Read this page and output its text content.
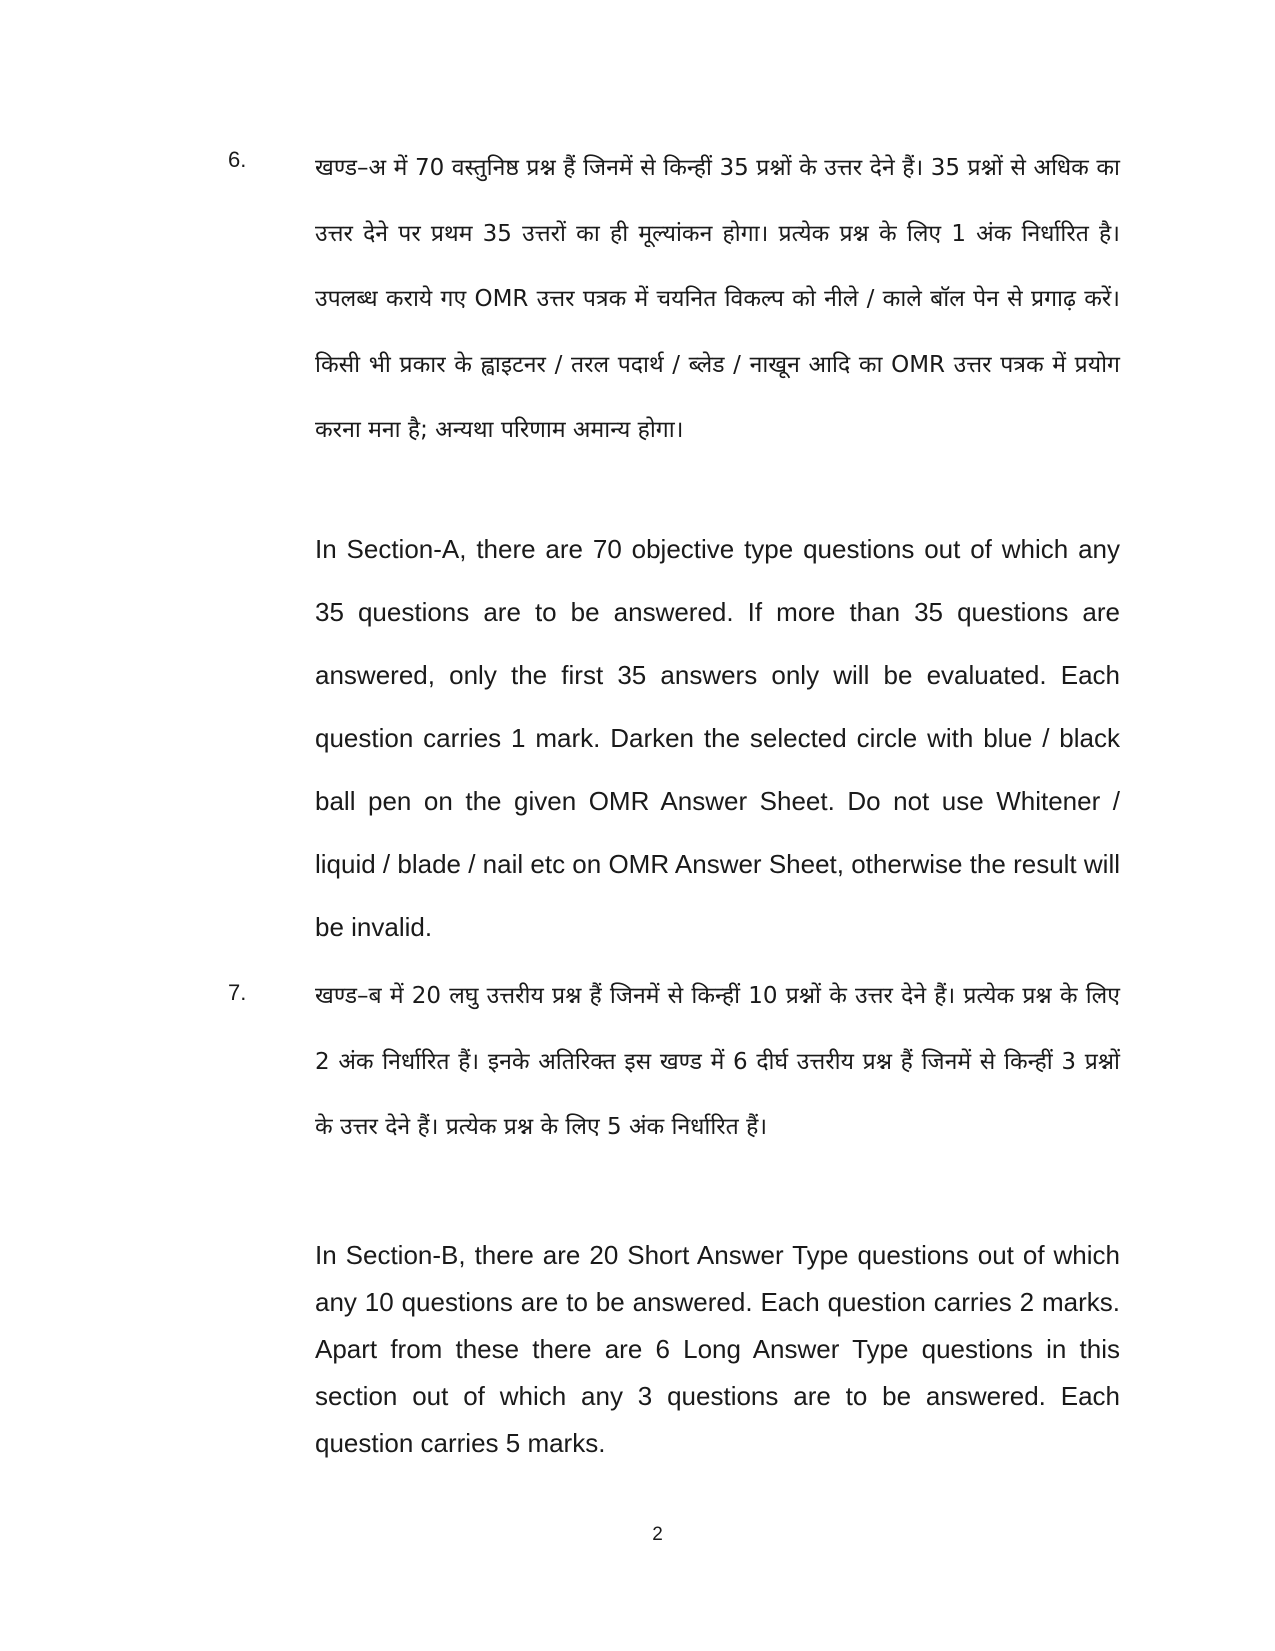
6.	खण्ड–अ में 70 वस्तुनिष्ठ प्रश्न हैं जिनमें से किन्हीं 35 प्रश्नों के उत्तर देने हैं। 35 प्रश्नों से अधिक का उत्तर देने पर प्रथम 35 उत्तरों का ही मूल्यांकन होगा। प्रत्येक प्रश्न के लिए 1 अंक निर्धारित है। उपलब्ध कराये गए OMR उत्तर पत्रक में चयनित विकल्प को नीले / काले बॉल पेन से प्रगाढ़ करें। किसी भी प्रकार के ह्वाइटनर / तरल पदार्थ / ब्लेड / नाखून आदि का OMR उत्तर पत्रक में प्रयोग करना मना है; अन्यथा परिणाम अमान्य होगा।

In Section-A, there are 70 objective type questions out of which any 35 questions are to be answered. If more than 35 questions are answered, only the first 35 answers only will be evaluated. Each question carries 1 mark. Darken the selected circle with blue / black ball pen on the given OMR Answer Sheet. Do not use Whitener / liquid / blade / nail etc on OMR Answer Sheet, otherwise the result will be invalid.

7.	खण्ड–ब में 20 लघु उत्तरीय प्रश्न हैं जिनमें से किन्हीं 10 प्रश्नों के उत्तर देने हैं। प्रत्येक प्रश्न के लिए 2 अंक निर्धारित हैं। इनके अतिरिक्त इस खण्ड में 6 दीर्घ उत्तरीय प्रश्न हैं जिनमें से किन्हीं 3 प्रश्नों के उत्तर देने हैं। प्रत्येक प्रश्न के लिए 5 अंक निर्धारित हैं।

In Section-B, there are 20 Short Answer Type questions out of which any 10 questions are to be answered. Each question carries 2 marks. Apart from these there are 6 Long Answer Type questions in this section out of which any 3 questions are to be answered. Each question carries 5 marks.

2
